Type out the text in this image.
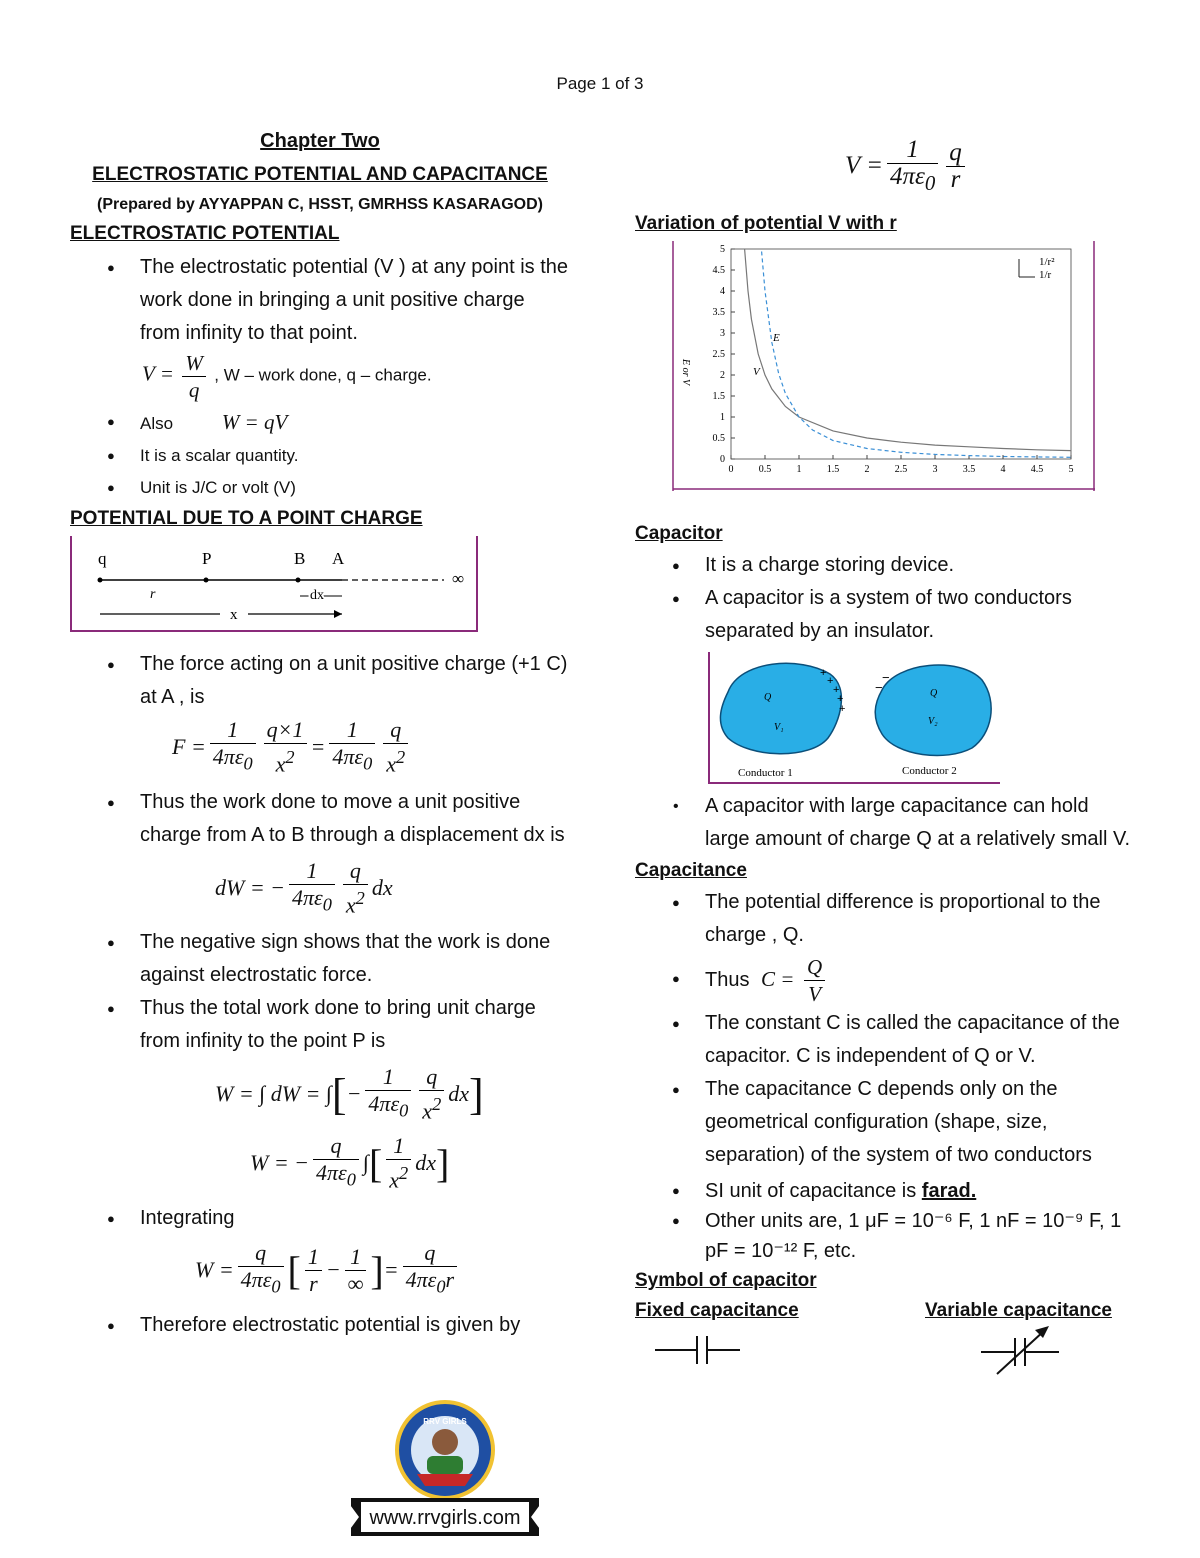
Page 1 of 3
Chapter Two
ELECTROSTATIC POTENTIAL AND CAPACITANCE
(Prepared by AYYAPPAN C, HSST, GMRHSS KASARAGOD)
ELECTROSTATIC POTENTIAL
● The electrostatic potential (V ) at any point is the work done in bringing a unit positive charge from infinity to that point.
$V = \frac{W}{q}$ , W – work done, q – charge.
● Also W = qV
● It is a scalar quantity.
● Unit is J/C or volt (V)
POTENTIAL DUE TO A POINT CHARGE
q	P	B A
∞
r	dx
x
● The force acting on a unit positive charge (+1 C) at A , is
$F = \frac{1}{4\pi\varepsilon_0} \frac{q\times 1}{x^2} = \frac{1}{4\pi\varepsilon_0} \frac{q}{x^2}$
● Thus the work done to move a unit positive charge from A to B through a displacement dx is
dW = − $\frac{1}{4\pi\varepsilon_0} \frac{q}{x^2}$ dx
● The negative sign shows that the work is done against electrostatic force.
● Thus the total work done to bring unit charge from infinity to the point P is
W = ∫ dW = ∫ [ − $\frac{1}{4\pi\varepsilon_0} \frac{q}{x^2}$ dx ]
W = − $\frac{q}{4\pi\varepsilon_0}$ ∫ [ $\frac{1}{x^2}$ dx ]
● Integrating
$W = \frac{q}{4\pi\varepsilon_0}$ [ $\frac{1}{r} - \frac{1}{\infty}$ ] = $\frac{q}{4\pi\varepsilon_0r}$
● Therefore electrostatic potential is given by
$V = \frac{1}{4\pi\varepsilon_0} \frac{q}{r}$
Variation of potential V with r
0	0.5	1	1.5	2	2.5	3	3.5	4	4.5	5
0
0.5
1
1.5
2
2.5
3
3.5
4
4.5
5
E or V
1/r²
1/r
E
V
Capacitor
● It is a charge storing device.
● A capacitor is a system of two conductors separated by an insulator.
Q
V₁
Q
V₂
+
+
+
+
+
−
−
Conductor 1	Conductor 2
• A capacitor with large capacitance can hold large amount of charge Q at a relatively small V.
Capacitance
● The potential difference is proportional to the charge , Q.
● Thus $C = \frac{Q}{V}$
● The constant C is called the capacitance of the capacitor. C is independent of Q or V.
● The capacitance C depends only on the geometrical configuration (shape, size, separation) of the system of two conductors
● SI unit of capacitance is farad.
● Other units are, 1 μF = 10⁻⁶ F, 1 nF = 10⁻⁹ F, 1 pF = 10⁻¹² F, etc.
Symbol of capacitor
Fixed capacitance	Variable capacitance
RRV GIRLS
www.rrvgirls.com
